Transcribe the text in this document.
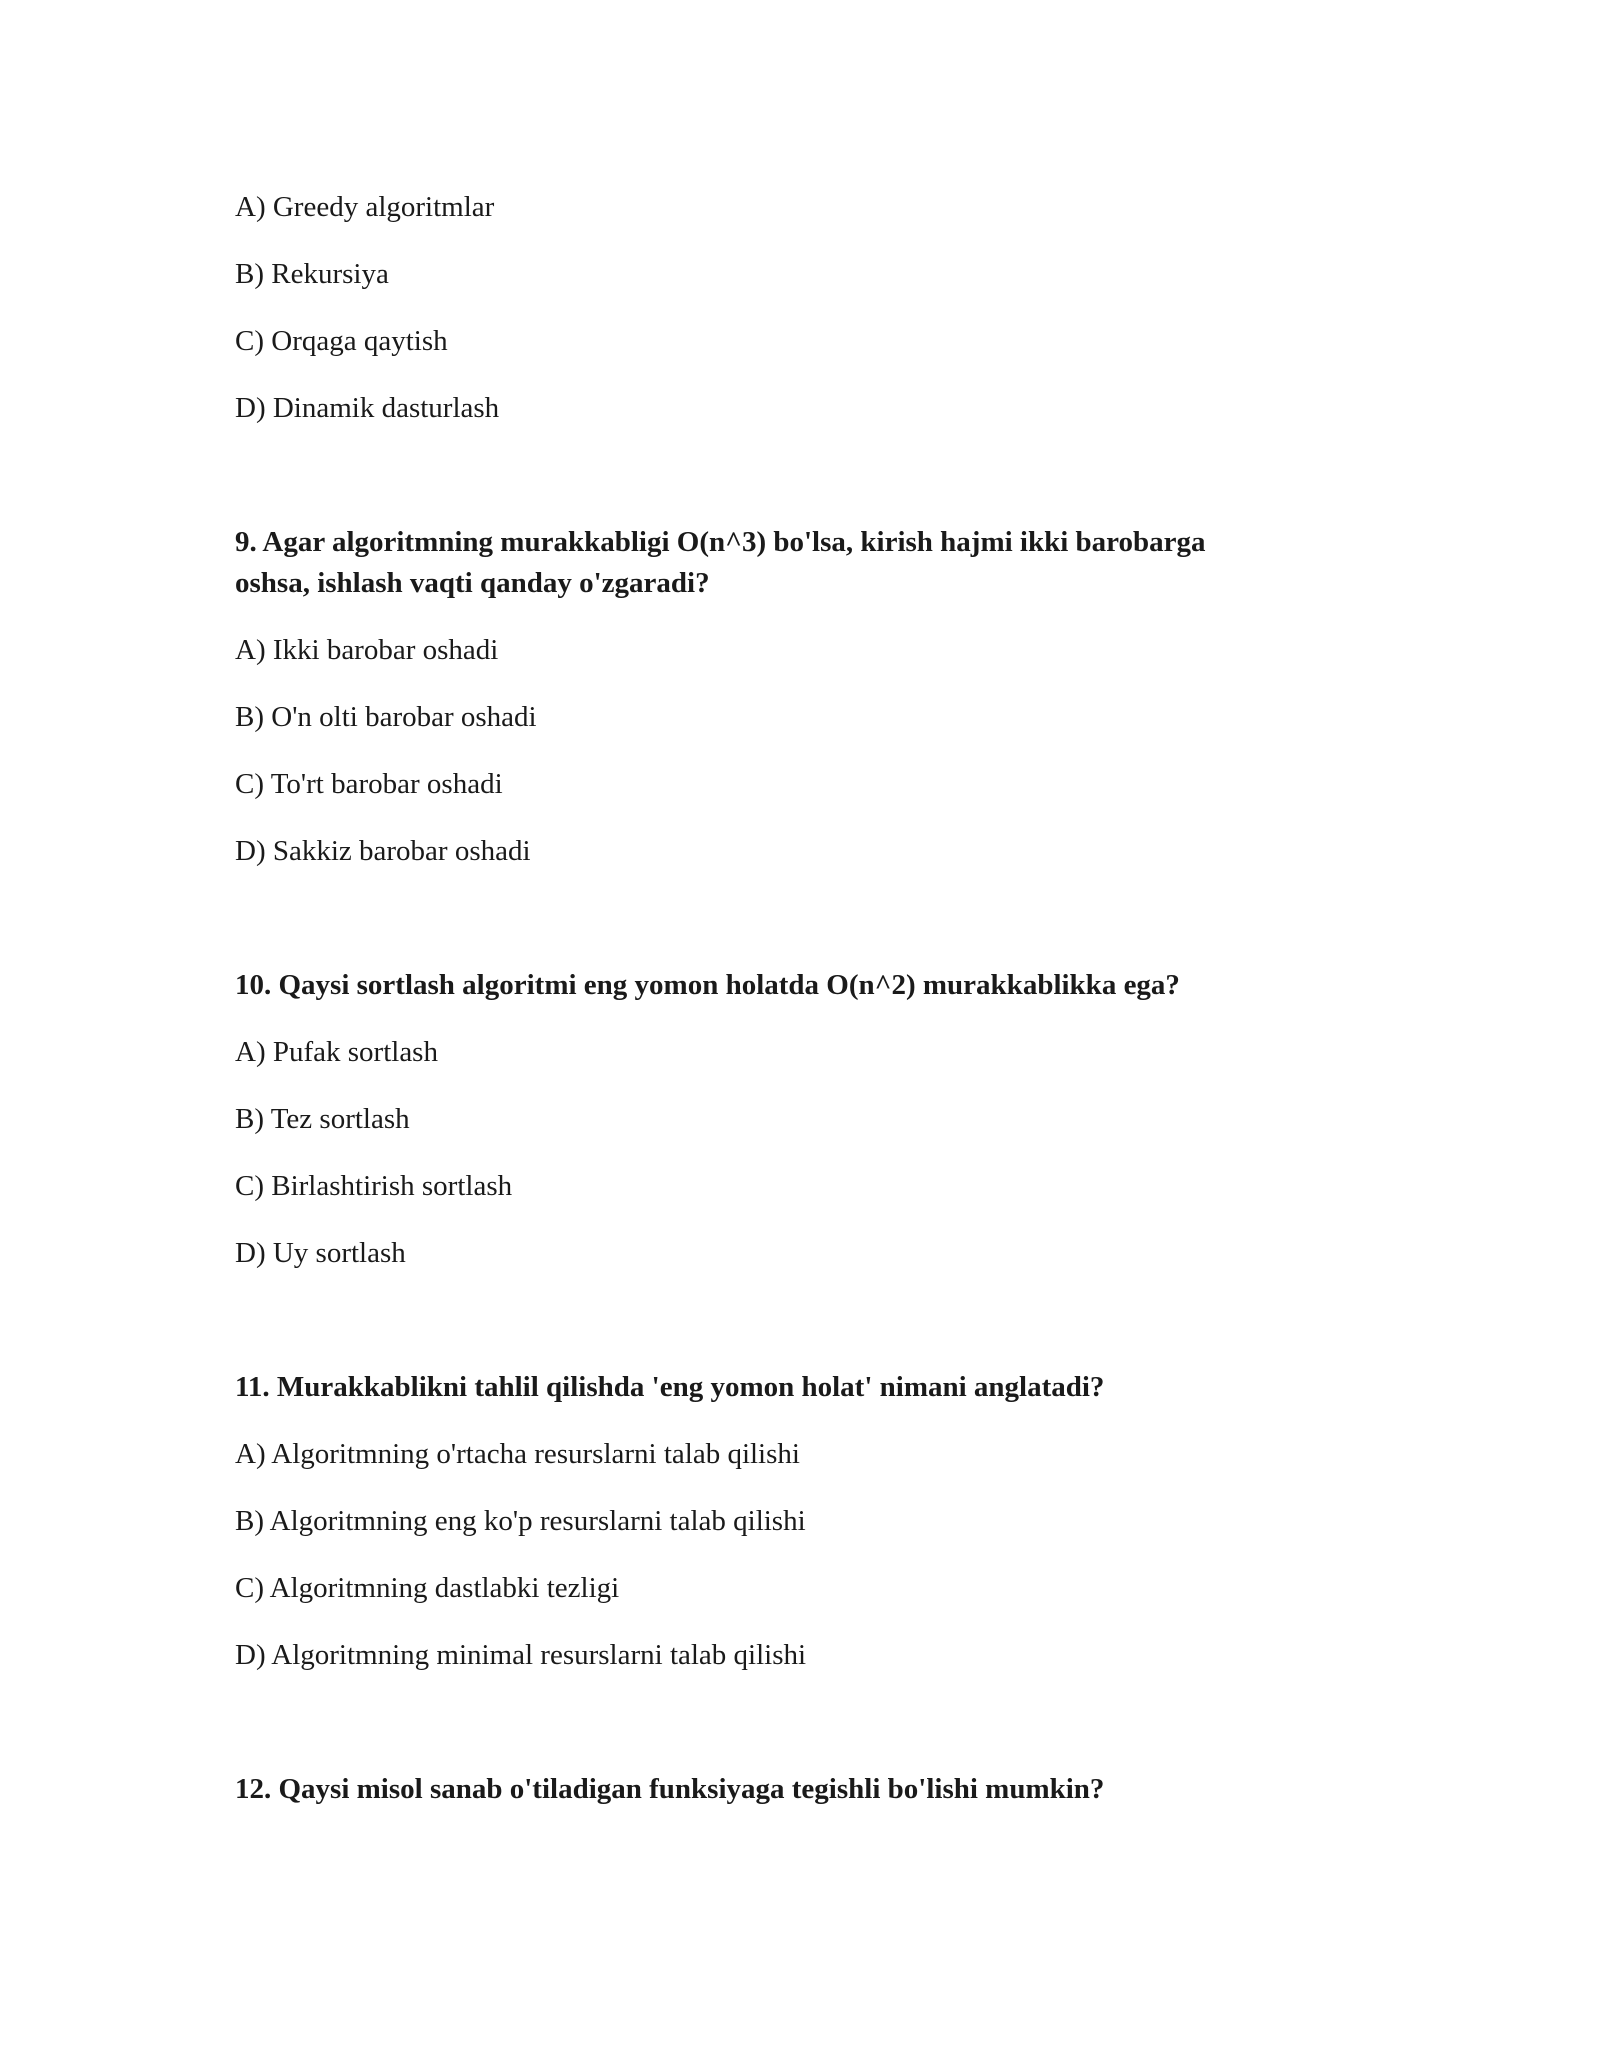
A) Greedy algoritmlar
B) Rekursiya
C) Orqaga qaytish
D) Dinamik dasturlash
9. Agar algoritmning murakkabligi O(n^3) bo'lsa, kirish hajmi ikki barobarga
oshsa, ishlash vaqti qanday o'zgaradi?
A) Ikki barobar oshadi
B) O'n olti barobar oshadi
C) To'rt barobar oshadi
D) Sakkiz barobar oshadi
10. Qaysi sortlash algoritmi eng yomon holatda O(n^2) murakkablikka ega?
A) Pufak sortlash
B) Tez sortlash
C) Birlashtirish sortlash
D) Uy sortlash
11. Murakkablikni tahlil qilishda 'eng yomon holat' nimani anglatadi?
A) Algoritmning o'rtacha resurslarni talab qilishi
B) Algoritmning eng ko'p resurslarni talab qilishi
C) Algoritmning dastlabki tezligi
D) Algoritmning minimal resurslarni talab qilishi
12. Qaysi misol sanab o'tiladigan funksiyaga tegishli bo'lishi mumkin?
